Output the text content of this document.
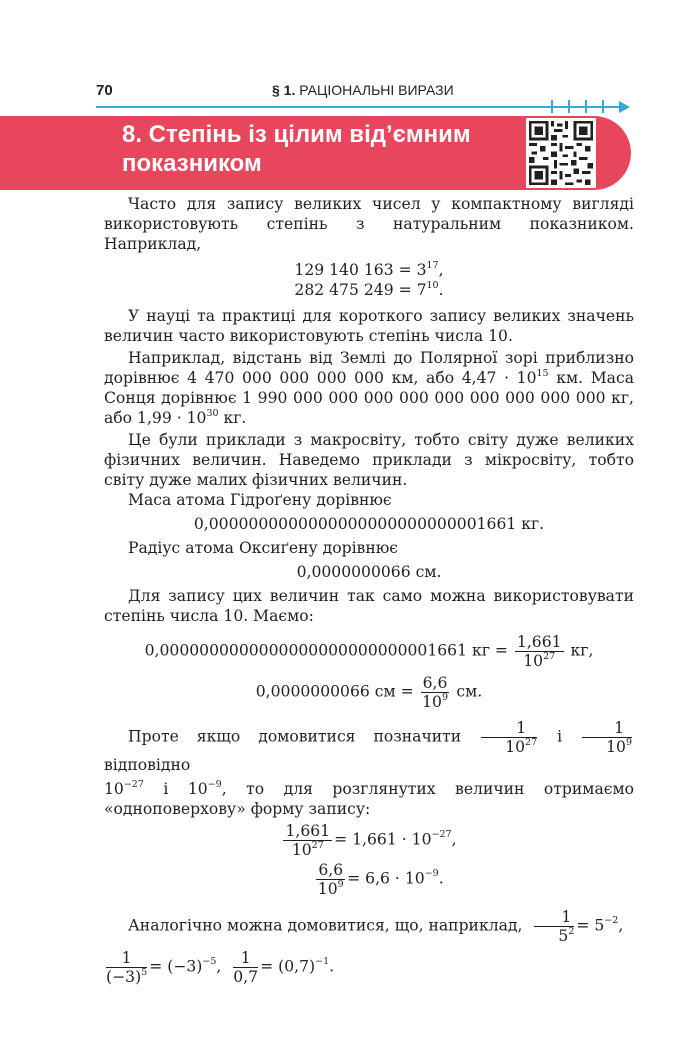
70	§ 1. РАЦІОНАЛЬНІ ВИРАЗИ
8. Степінь із цілим від’ємним
показником

Часто для запису великих чисел у компактному вигляді використовують степінь з натуральним показником. Наприклад,

129 140 $163 = 3^{17}$,

282 475 $249 = 7^{10}$.

У науці та практиці для короткого запису великих значень величин часто використовують степінь числа 10.

Наприклад, відстань від Землі до Полярної зорі приблизно дорівнює 4 470 000 000 000 000 км, або $4,47 \cdot 10^{15}$ км. Маса Сонця дорівнює 1 990 000 000 000 000 000 000 000 000 000 кг, або $1,99 \cdot 10^{30}$ кг.

Це були приклади з макросвіту, тобто світу дуже великих фізичних величин. Наведемо приклади з мікросвіту, тобто світу дуже малих фізичних величин.

Маса атома Гідроґену дорівнює

0,0000000000000000000000000001661 кг.

Радіус атома Оксиґену дорівнює

0,0000000066 см.

Для запису цих величин так само можна використовувати степінь числа 10. Маємо:

0,0000000000000000000000000001661 кг = $\frac{1,661}{10^{27}}$ кг,

0,0000000066 см = $\frac{6,6}{10^9}$ см.

Проте якщо домовитися позначити $\frac{1}{10^{27}}$ і $\frac{1}{10^9}$
відповідно

$10^{-27}$ і $10^{-9}$, то для розглянутих величин отримаємо «одноповерхову» форму запису:

$\frac{1,661}{10^{27}} = 1,661 \cdot 10^{-27}$,

$\frac{6,6}{10^9} = 6,6 \cdot 10^{-9}$.

Аналогічно можна домовитися, що, наприклад, $\frac{1}{5^2} = 5^{-2}$,

$\frac{1}{(-3)^5} = (-3)^{-5}$, $\frac{1}{0,7} = (0,7)^{-1}$.
